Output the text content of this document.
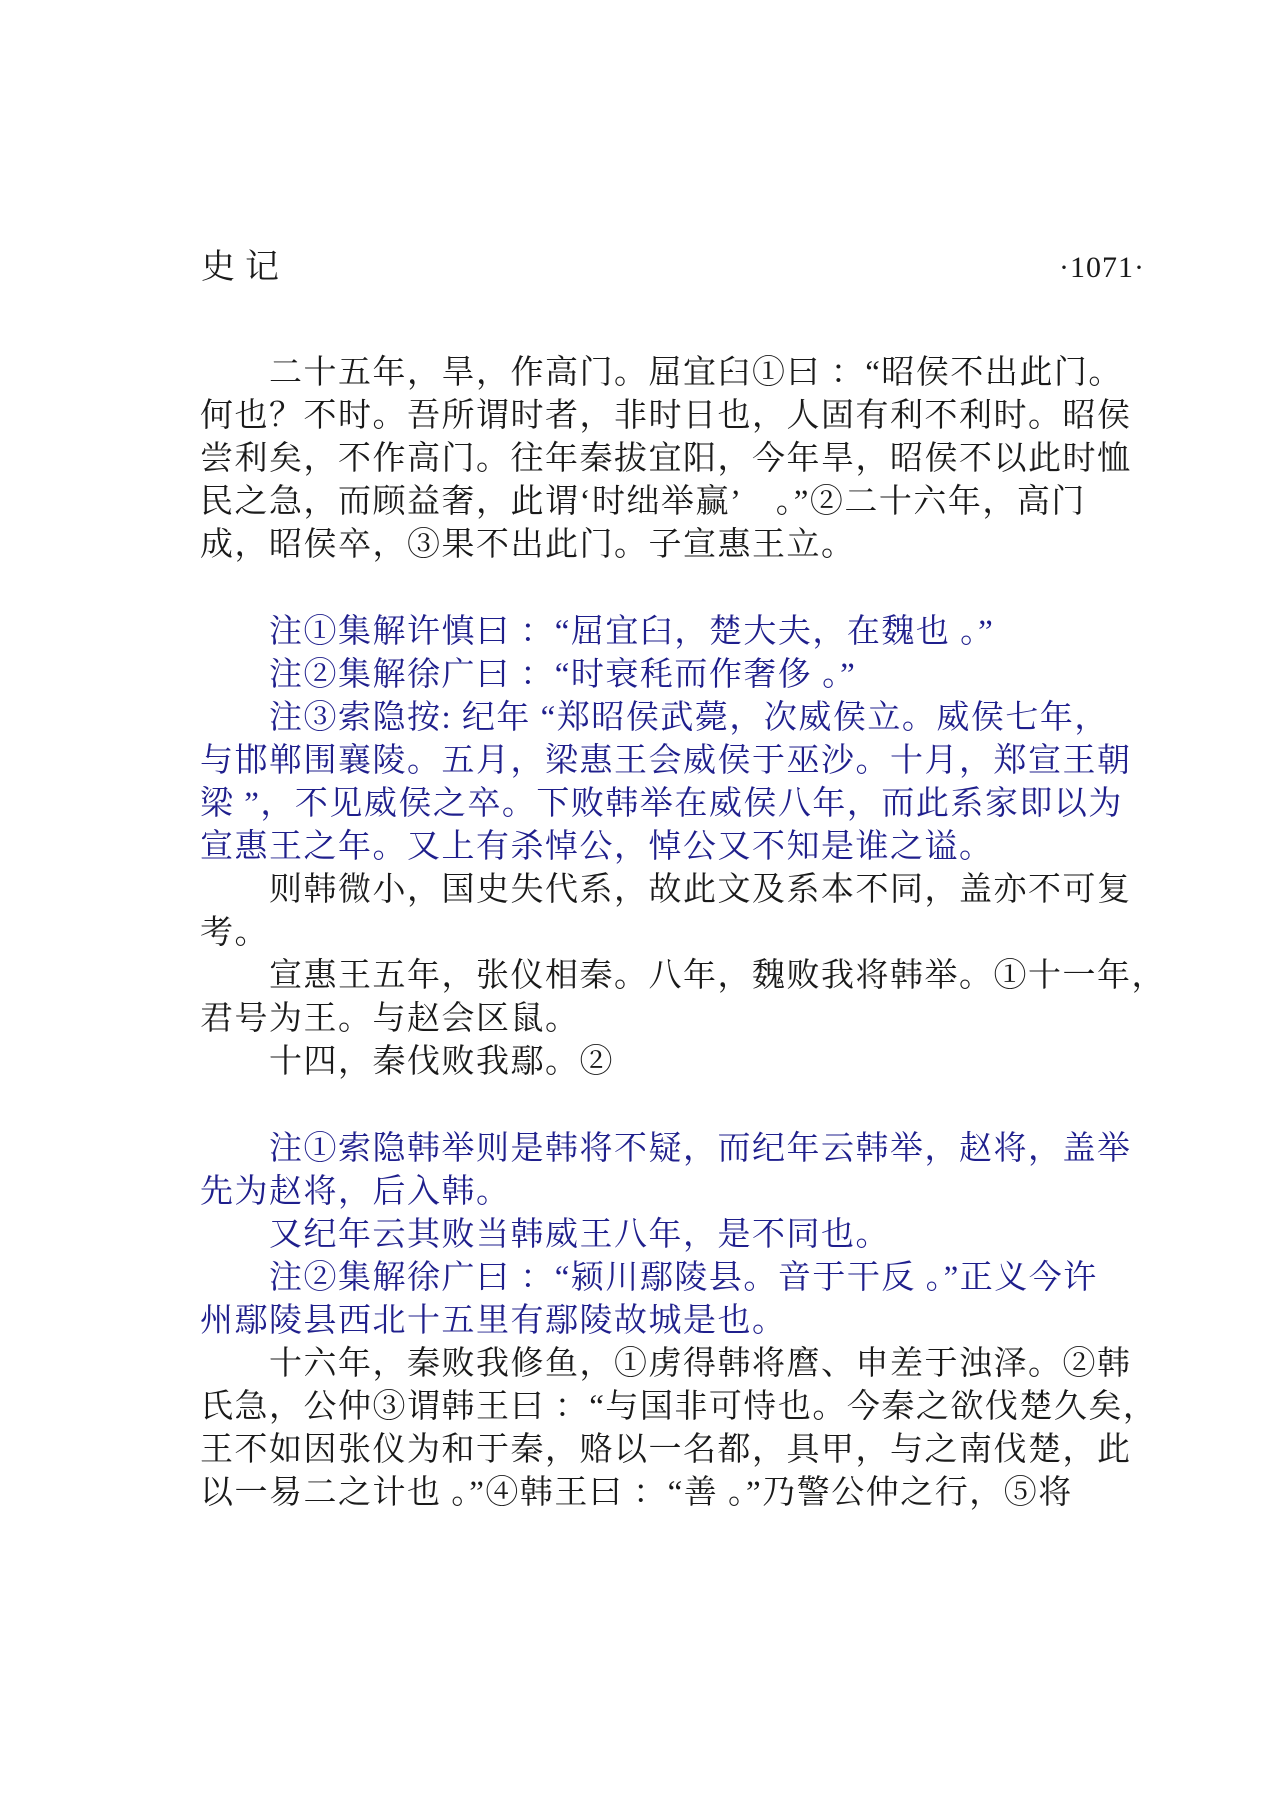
史记	·1071·
二十五年，旱，作高门。屈宜臼①曰 ：“昭侯不出此门。
何也？不时。吾所谓时者，非时日也，人固有利不利时。昭侯
尝利矣，不作高门。往年秦拔宜阳，今年旱，昭侯不以此时恤
民之急，而顾益奢，此谓‘时绌举赢’　。”②二十六年，高门
成，昭侯卒，③果不出此门。子宣惠王立。
注①集解许慎曰 ：“屈宜臼，楚大夫，在魏也 。”
注②集解徐广曰 ：“时衰秏而作奢侈 。”
注③索隐按: 纪年 “郑昭侯武薨，次威侯立。威侯七年，
与邯郸围襄陵。五月，梁惠王会威侯于巫沙。十月，郑宣王朝
梁 ”，不见威侯之卒。下败韩举在威侯八年，而此系家即以为
宣惠王之年。又上有杀悼公，悼公又不知是谁之谥。
则韩微小，国史失代系，故此文及系本不同，盖亦不可复
考。
宣惠王五年，张仪相秦。八年，魏败我将韩举。①十一年，
君号为王。与赵会区鼠。
十四，秦伐败我鄢。②
注①索隐韩举则是韩将不疑，而纪年云韩举，赵将，盖举
先为赵将，后入韩。
又纪年云其败当韩威王八年，是不同也。
注②集解徐广曰 ：“颍川鄢陵县。音于干反 。”正义今许
州鄢陵县西北十五里有鄢陵故城是也。
十六年，秦败我修鱼，①虏得韩将麿、申差于浊泽。②韩
氏急，公仲③谓韩王曰 ：“与国非可恃也。今秦之欲伐楚久矣，
王不如因张仪为和于秦，赂以一名都，具甲，与之南伐楚，此
以一易二之计也 。”④韩王曰 ：“善 。”乃警公仲之行，⑤将
